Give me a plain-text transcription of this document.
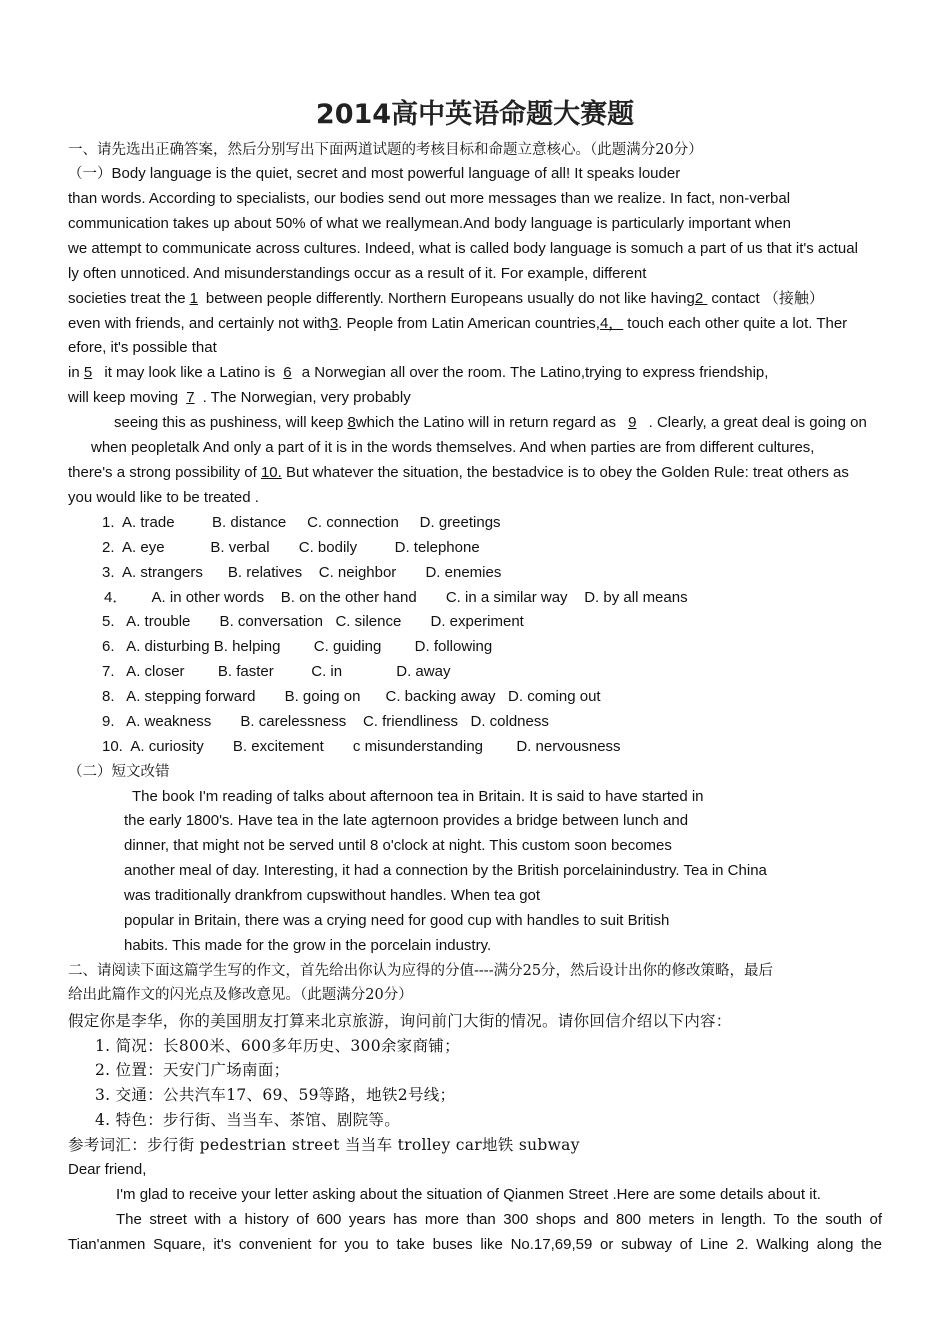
2014高中英语命题大赛题
一、请先选出正确答案，然后分别写出下面两道试题的考核目标和命题立意核心。（此题满分20分）
（一）Body language is the quiet, secret and most powerful language of all! It speaks louder
than words. According to specialists, our bodies send out more messages than we realize. In fact, non-verbal
communication takes up about 50% of what we reallymean.And body language is particularly important when
we attempt to communicate across cultures. Indeed, what is called body language is somuch a part of us that it's actual
ly often unnoticed. And misunderstandings occur as a result of it. For example, different
societies treat the 1 between people differently. Northern Europeans usually do not like having2 contact （接触）
even with friends, and certainly not with3. People from Latin American countries,4， touch each other quite a lot. Ther
efore, it's possible that
in 5 it may look like a Latino is 6 a Norwegian all over the room. The Latino,trying to express friendship,
will keep moving 7 . The Norwegian, very probably
seeing this as pushiness, will keep 8which the Latino will in return regard as 9 . Clearly, a great deal is going on
when peopletalk And only a part of it is in the words themselves. And when parties are from different cultures,
there's a strong possibility of 10. But whatever the situation, the bestadvice is to obey the Golden Rule: treat others as
you would like to be treated .
1.  A. trade         B. distance     C. connection     D. greetings
2.  A. eye           B. verbal       C. bodily         D. telephone
3.  A. strangers      B. relatives    C. neighbor       D. enemies
4．      A. in other words    B. on the other hand       C. in a similar way    D. by all means
5.   A. trouble       B. conversation   C. silence       D. experiment
6.   A. disturbing B. helping        C. guiding        D. following
7.   A. closer        B. faster         C. in             D. away
8.   A. stepping forward       B. going on      C. backing away   D. coming out
9.   A. weakness       B. carelessness    C. friendliness   D. coldness
10.  A. curiosity       B. excitement       c misunderstanding        D. nervousness
（二）短文改错
The book I'm reading of talks about afternoon tea in Britain. It is said to have started in
the early 1800's. Have tea in the late agternoon provides a bridge between lunch and
dinner, that might not be served until 8 o'clock at night. This custom soon becomes
another meal of day. Interesting, it had a connection by the British porcelainindustry. Tea in China
was traditionally drankfrom cupswithout handles. When tea got
popular in Britain, there was a crying need for good cup with handles to suit British
habits. This made for the grow in the porcelain industry.
二、请阅读下面这篇学生写的作文，首先给出你认为应得的分值----满分25分，然后设计出你的修改策略，最后
给出此篇作文的闪光点及修改意见。（此题满分20分）
假定你是李华，你的美国朋友打算来北京旅游，询问前门大街的情况。请你回信介绍以下内容：
1. 简况：长800米、600多年历史、300余家商铺；
2. 位置：天安门广场南面；
3. 交通：公共汽车17、69、59等路，地铁2号线；
4. 特色：步行街、当当车、茶馆、剧院等。
参考词汇：步行街 pedestrian street 当当车 trolley car地铁 subway
Dear friend,
I'm glad to receive your letter asking about the situation of Qianmen Street .Here are some details about it.
The street with a history of 600 years has more than 300 shops and 800 meters in length. To the south of
Tian'anmen Square, it's convenient for you to take buses like No.17,69,59 or subway of Line 2. Walking along the
